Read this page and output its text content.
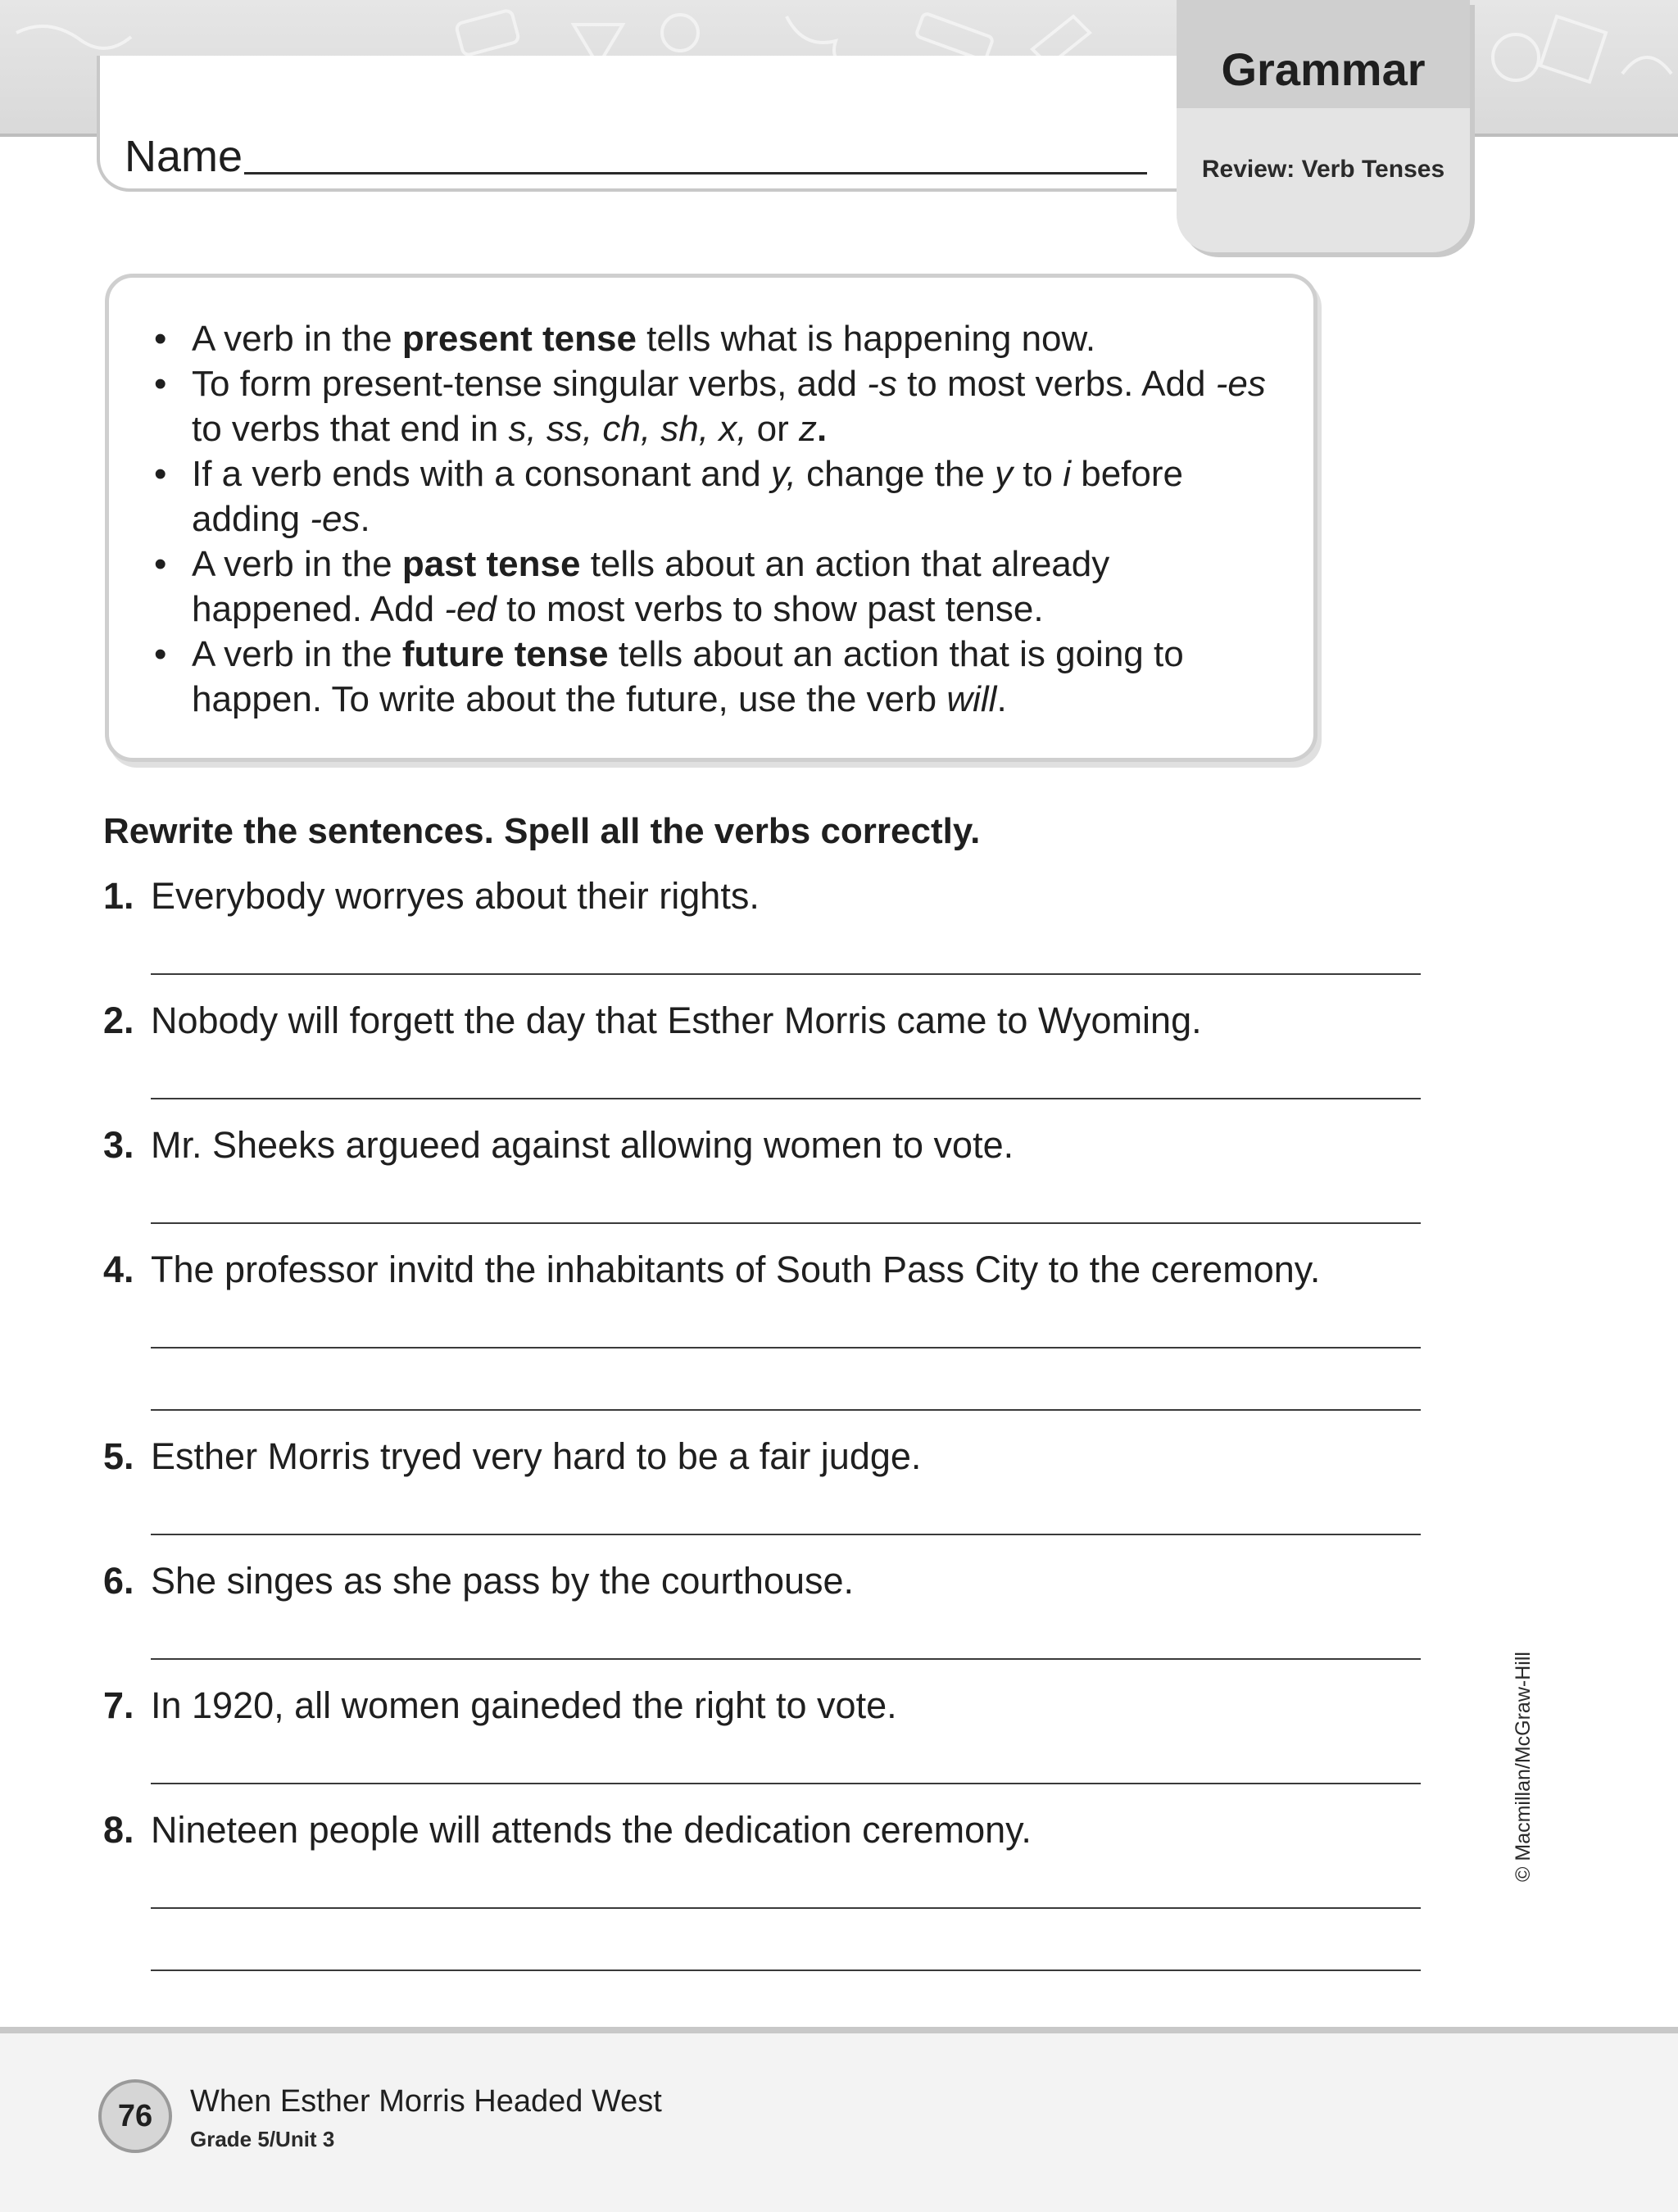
Name
Grammar
Review: Verb Tenses
• A verb in the present tense tells what is happening now.
• To form present-tense singular verbs, add -s to most verbs. Add -es to verbs that end in s, ss, ch, sh, x, or z.
• If a verb ends with a consonant and y, change the y to i before adding -es.
• A verb in the past tense tells about an action that already happened. Add -ed to most verbs to show past tense.
• A verb in the future tense tells about an action that is going to happen. To write about the future, use the verb will.
Rewrite the sentences. Spell all the verbs correctly.
1. Everybody worryes about their rights.
2. Nobody will forgett the day that Esther Morris came to Wyoming.
3. Mr. Sheeks argueed against allowing women to vote.
4. The professor invitd the inhabitants of South Pass City to the ceremony.
5. Esther Morris tryed very hard to be a fair judge.
6. She singes as she pass by the courthouse.
7. In 1920, all women gaineded the right to vote.
8. Nineteen people will attends the dedication ceremony.	© Macmillan/McGraw-Hill
76	When Esther Morris Headed West
Grade 5/Unit 3
